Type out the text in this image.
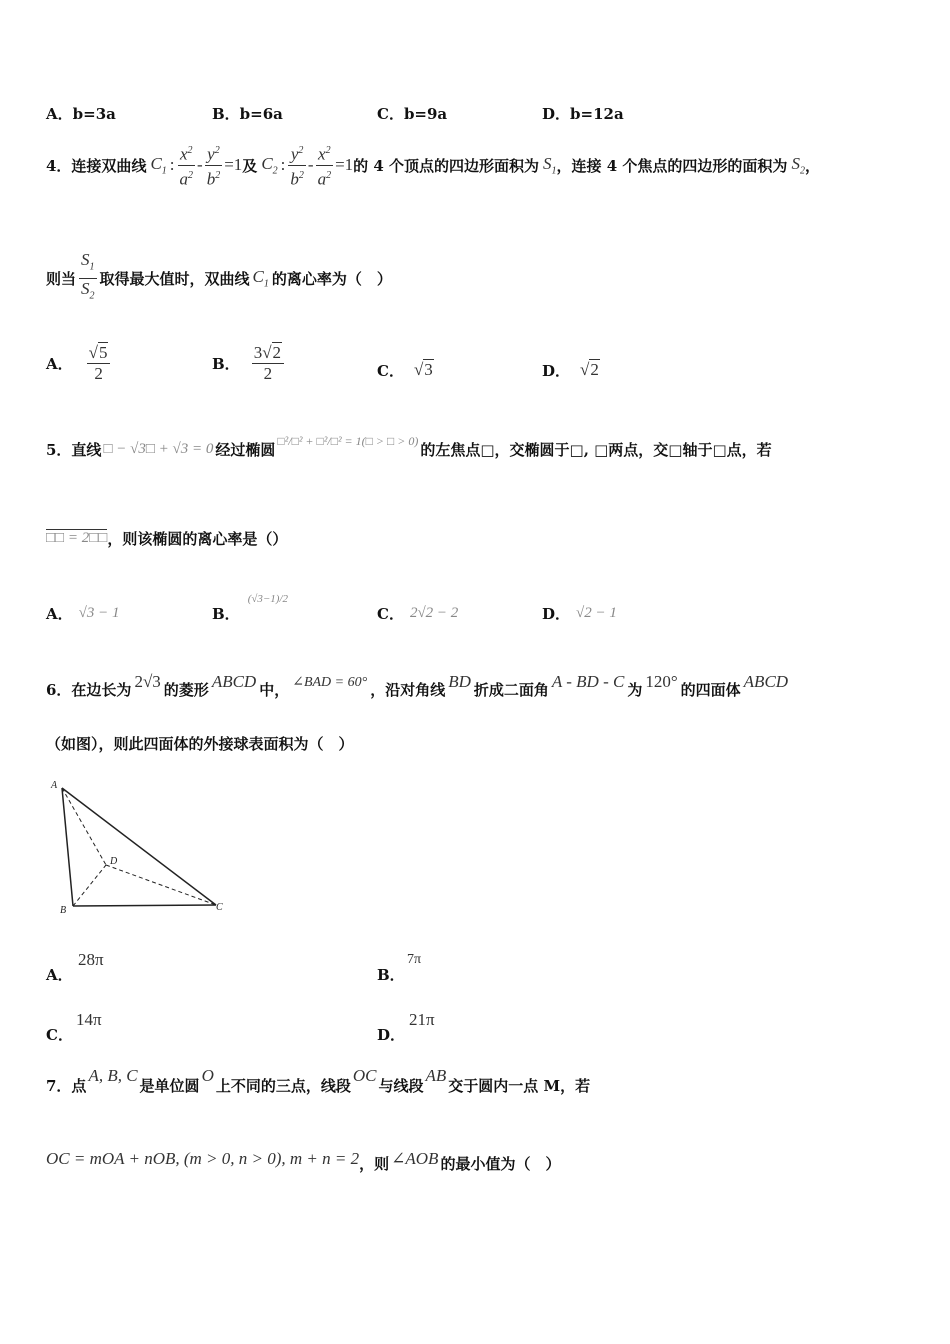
A．b=3a	B．b=6a	C．b=9a	D．b=12a
4．连接双曲线 $C_1$ : $\frac{x^2}{a^2} - \frac{y^2}{b^2} =1$ 及 $C_2$ : $\frac{y^2}{b^2} - \frac{x^2}{a^2} =1$ 的 4 个顶点的四边形面积为 $S_1$ ，连接 4 个焦点的四边形的面积为 $S_2$ ，
则当 $\frac{S_1}{S_2}$ 取得最大值时，双曲线 $C_1$ 的离心率为（　）
A． $\frac{√5}{2}$	B． $\frac{3√2}{2}$	C． √3	D． √2
5．直线 □ − √3□ + √3 = 0 经过椭圆 □²/□² + □²/□² = 1(□ > □ > 0) 的左焦点□，交椭圆于□, □两点，交□轴于□点，若
□□ = 2□□ ，则该椭圆的离心率是（）
A． √3 − 1	B．
(√3−1)/2
C． 2√2 − 2	D． √2 − 1
6．在边长为 2√3 的菱形 ABCD 中， ∠BAD = 60° ，沿对角线 BD 折成二面角 A - BD - C 为 120° 的四面体 ABCD
（如图），则此四面体的外接球表面积为（　）
A
B	C
D
A．
28π
B．
7π
C．
14π
D．
21π
7．点
A, B, C
是单位圆
O
上不同的三点，线段
OC
与线段
AB
交于圆内一点 M，若
OC = mOA + nOB, (m > 0, n > 0), m + n = 2 ，则 ∠AOB 的最小值为（　）
